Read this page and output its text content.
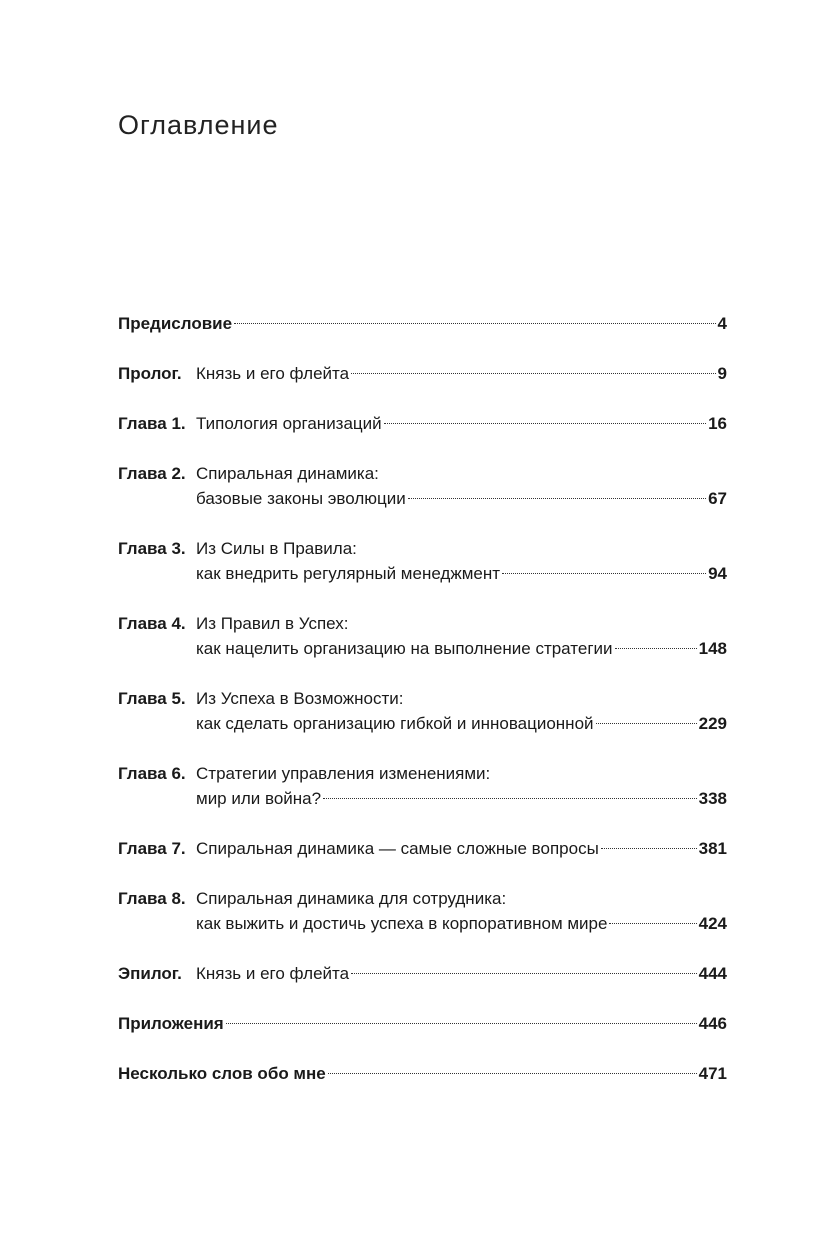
Оглавление
Предисловие	4
Пролог. Князь и его флейта	9
Глава 1. Типология организаций	16
Глава 2. Спиральная динамика:
базовые законы эволюции	67
Глава 3. Из Силы в Правила:
как внедрить регулярный менеджмент	94
Глава 4. Из Правил в Успех:
как нацелить организацию на выполнение стратегии	148
Глава 5. Из Успеха в Возможности:
как сделать организацию гибкой и инновационной	229
Глава 6. Стратегии управления изменениями:
мир или война?	338
Глава 7. Спиральная динамика — самые сложные вопросы	381
Глава 8. Спиральная динамика для сотрудника:
как выжить и достичь успеха в корпоративном мире	424
Эпилог. Князь и его флейта	444
Приложения	446
Несколько слов обо мне	471
